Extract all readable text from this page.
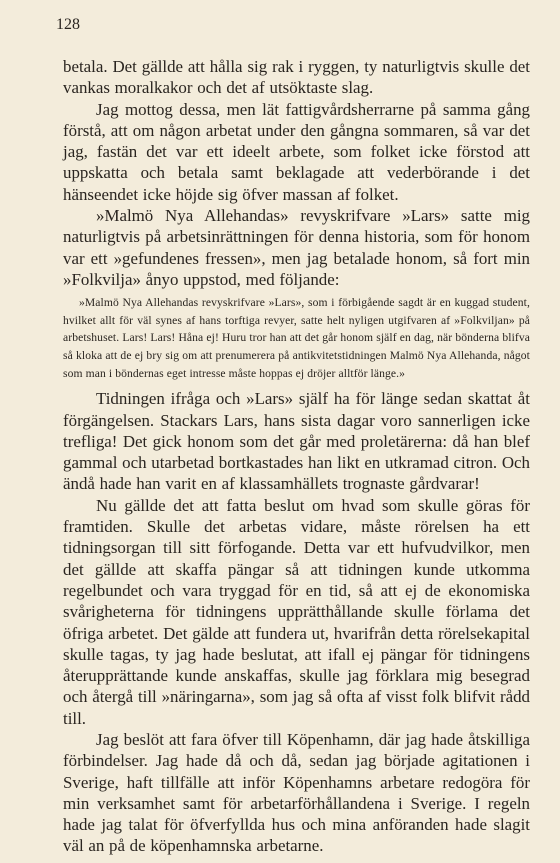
128

betala. Det gällde att hålla sig rak i ryggen, ty naturligtvis skulle det vankas moralkakor och det af utsöktaste slag.

Jag mottog dessa, men lät fattigvårdsherrarne på samma gång förstå, att om någon arbetat under den gångna sommaren, så var det jag, fastän det var ett ideelt arbete, som folket icke förstod att uppskatta och betala samt beklagade att vederbörande i det hänseendet icke höjde sig öfver massan af folket.

»Malmö Nya Allehandas» revyskrifvare »Lars» satte mig naturligtvis på arbetsinrättningen för denna historia, som för honom var ett »gefundenes fressen», men jag betalade honom, så fort min »Folkvilja» ånyo uppstod, med följande:

»Malmö Nya Allehandas revyskrifvare »Lars», som i förbigående sagdt är en kuggad student, hvilket allt för väl synes af hans torftiga revyer, satte helt nyligen utgifvaren af »Folkviljan» på arbetshuset. Lars! Lars! Håna ej! Huru tror han att det går honom själf en dag, när bönderna blifva så kloka att de ej bry sig om att prenumerera på antikvitetstidningen Malmö Nya Allehanda, något som man i böndernas eget intresse måste hoppas ej dröjer alltför länge.»

Tidningen ifråga och »Lars» själf ha för länge sedan skattat åt förgängelsen. Stackars Lars, hans sista dagar voro sannerligen icke trefliga! Det gick honom som det går med proletärerna: då han blef gammal och utarbetad bortkastades han likt en utkramad citron. Och ändå hade han varit en af klassamhällets trognaste gårdvarar!

Nu gällde det att fatta beslut om hvad som skulle göras för framtiden. Skulle det arbetas vidare, måste rörelsen ha ett tidningsorgan till sitt förfogande. Detta var ett hufvudvilkor, men det gällde att skaffa pängar så att tidningen kunde utkomma regelbundet och vara tryggad för en tid, så att ej de ekonomiska svårigheterna för tidningens upprätthållande skulle förlama det öfriga arbetet. Det gälde att fundera ut, hvarifrån detta rörelsekapital skulle tagas, ty jag hade beslutat, att ifall ej pängar för tidningens återupprättande kunde anskaffas, skulle jag förklara mig besegrad och återgå till »näringarna», som jag så ofta af visst folk blifvit rådd till.

Jag beslöt att fara öfver till Köpenhamn, där jag hade åtskilliga förbindelser. Jag hade då och då, sedan jag började agitationen i Sverige, haft tillfälle att inför Köpenhamns arbetare redogöra för min verksamhet samt för arbetarförhållandena i Sverige. I regeln hade jag talat för öfverfyllda hus och mina anföranden hade slagit väl an på de köpenhamnska arbetarne.
